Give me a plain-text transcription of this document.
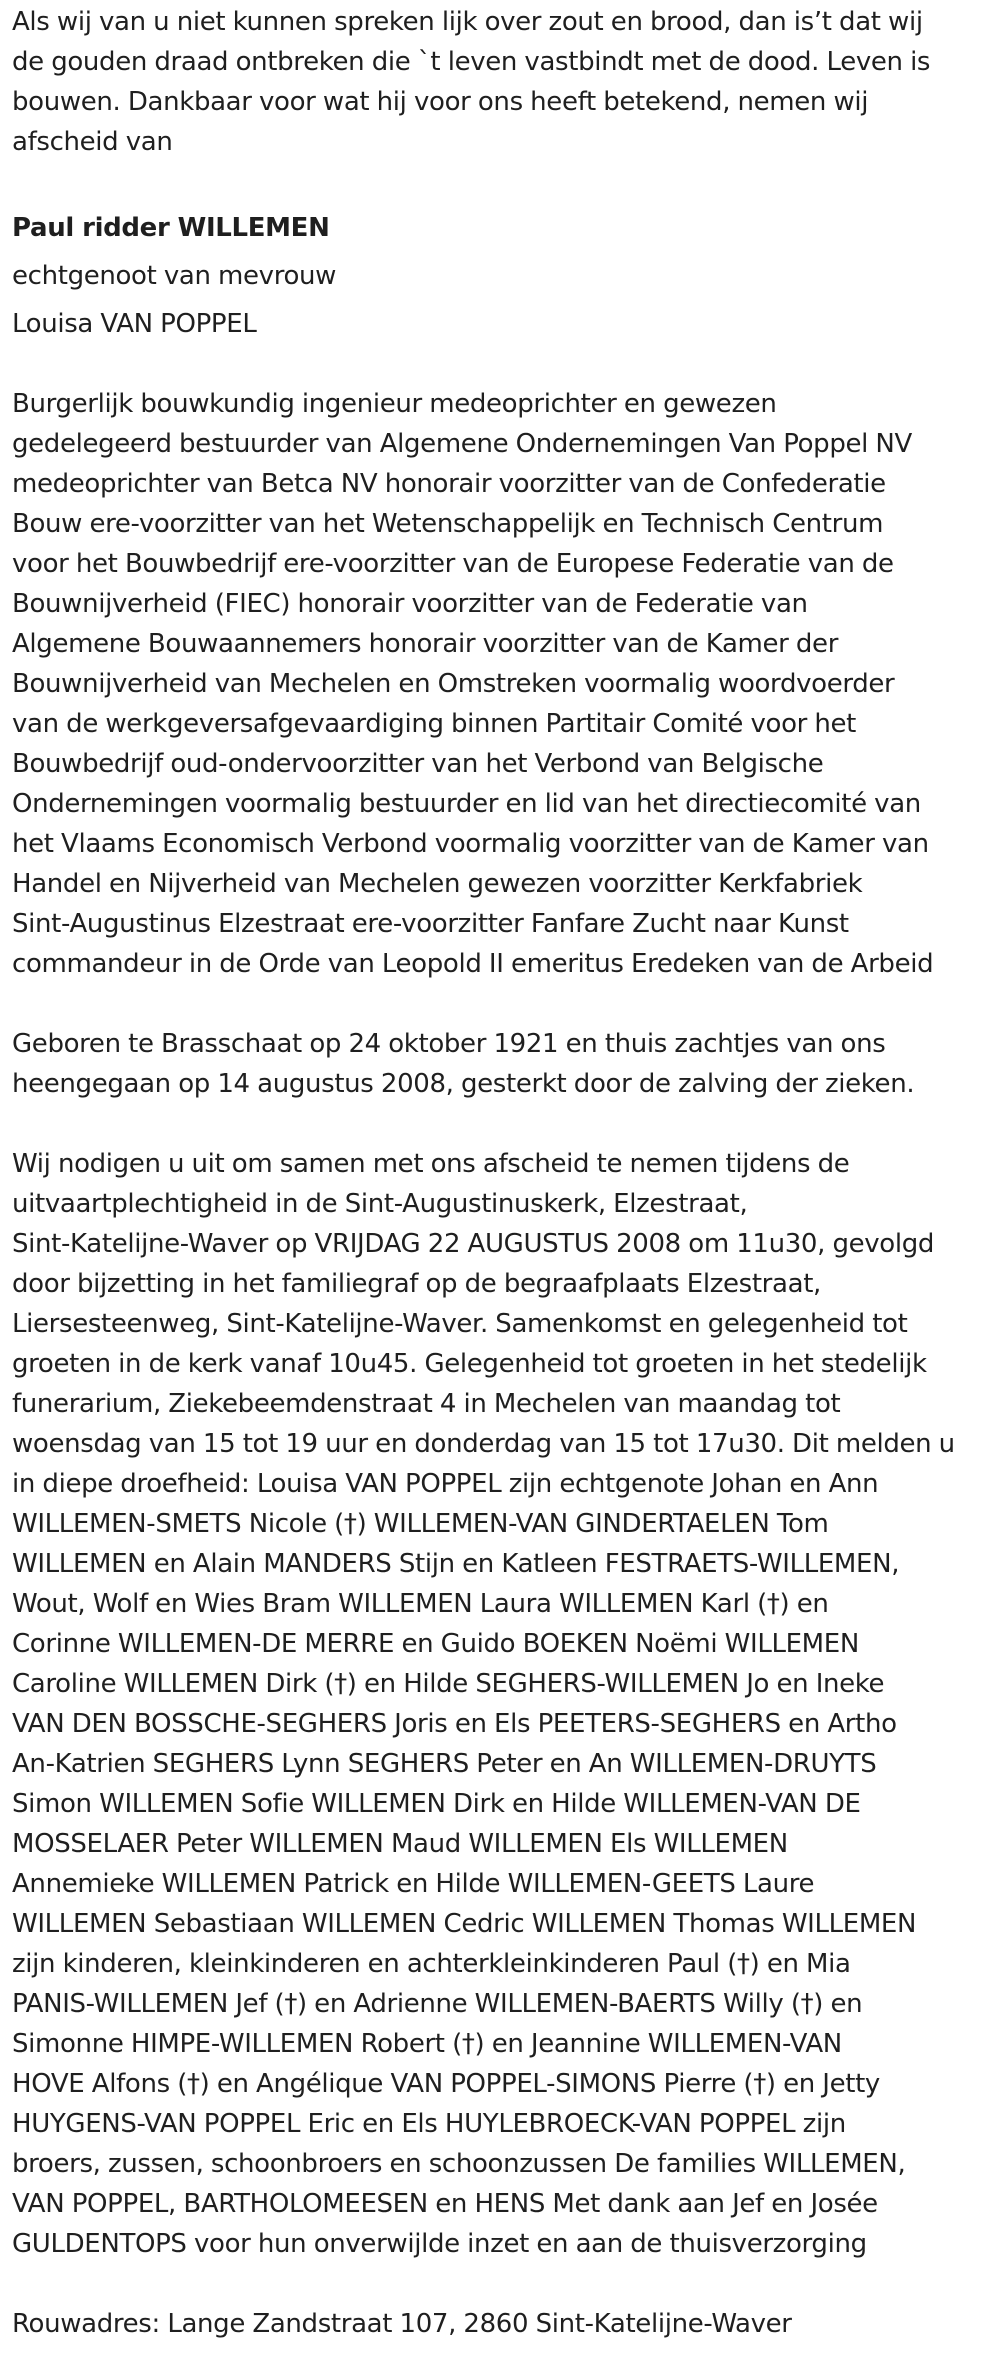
Als wij van u niet kunnen spreken lijk over zout en brood, dan is’t dat wij
de gouden draad ontbreken die `t leven vastbindt met de dood. Leven is
bouwen. Dankbaar voor wat hij voor ons heeft betekend, nemen wij
afscheid van

Paul ridder WILLEMEN

echtgenoot van mevrouw

Louisa VAN POPPEL

Burgerlijk bouwkundig ingenieur medeoprichter en gewezen
gedelegeerd bestuurder van Algemene Ondernemingen Van Poppel NV
medeoprichter van Betca NV honorair voorzitter van de Confederatie
Bouw ere-voorzitter van het Wetenschappelijk en Technisch Centrum
voor het Bouwbedrijf ere-voorzitter van de Europese Federatie van de
Bouwnijverheid (FIEC) honorair voorzitter van de Federatie van
Algemene Bouwaannemers honorair voorzitter van de Kamer der
Bouwnijverheid van Mechelen en Omstreken voormalig woordvoerder
van de werkgeversafgevaardiging binnen Partitair Comité voor het
Bouwbedrijf oud-ondervoorzitter van het Verbond van Belgische
Ondernemingen voormalig bestuurder en lid van het directiecomité van
het Vlaams Economisch Verbond voormalig voorzitter van de Kamer van
Handel en Nijverheid van Mechelen gewezen voorzitter Kerkfabriek
Sint-Augustinus Elzestraat ere-voorzitter Fanfare Zucht naar Kunst
commandeur in de Orde van Leopold II emeritus Eredeken van de Arbeid

Geboren te Brasschaat op 24 oktober 1921 en thuis zachtjes van ons
heengegaan op 14 augustus 2008, gesterkt door de zalving der zieken.

Wij nodigen u uit om samen met ons afscheid te nemen tijdens de
uitvaartplechtigheid in de Sint-Augustinuskerk, Elzestraat,
Sint-Katelijne-Waver op VRIJDAG 22 AUGUSTUS 2008 om 11u30, gevolgd
door bijzetting in het familiegraf op de begraafplaats Elzestraat,
Liersesteenweg, Sint-Katelijne-Waver. Samenkomst en gelegenheid tot
groeten in de kerk vanaf 10u45. Gelegenheid tot groeten in het stedelijk
funerarium, Ziekebeemdenstraat 4 in Mechelen van maandag tot
woensdag van 15 tot 19 uur en donderdag van 15 tot 17u30. Dit melden u
in diepe droefheid: Louisa VAN POPPEL zijn echtgenote Johan en Ann
WILLEMEN-SMETS Nicole (†) WILLEMEN-VAN GINDERTAELEN Tom
WILLEMEN en Alain MANDERS Stijn en Katleen FESTRAETS-WILLEMEN,
Wout, Wolf en Wies Bram WILLEMEN Laura WILLEMEN Karl (†) en
Corinne WILLEMEN-DE MERRE en Guido BOEKEN Noëmi WILLEMEN
Caroline WILLEMEN Dirk (†) en Hilde SEGHERS-WILLEMEN Jo en Ineke
VAN DEN BOSSCHE-SEGHERS Joris en Els PEETERS-SEGHERS en Artho
An-Katrien SEGHERS Lynn SEGHERS Peter en An WILLEMEN-DRUYTS
Simon WILLEMEN Sofie WILLEMEN Dirk en Hilde WILLEMEN-VAN DE
MOSSELAER Peter WILLEMEN Maud WILLEMEN Els WILLEMEN
Annemieke WILLEMEN Patrick en Hilde WILLEMEN-GEETS Laure
WILLEMEN Sebastiaan WILLEMEN Cedric WILLEMEN Thomas WILLEMEN
zijn kinderen, kleinkinderen en achterkleinkinderen Paul (†) en Mia
PANIS-WILLEMEN Jef (†) en Adrienne WILLEMEN-BAERTS Willy (†) en
Simonne HIMPE-WILLEMEN Robert (†) en Jeannine WILLEMEN-VAN
HOVE Alfons (†) en Angélique VAN POPPEL-SIMONS Pierre (†) en Jetty
HUYGENS-VAN POPPEL Eric en Els HUYLEBROECK-VAN POPPEL zijn
broers, zussen, schoonbroers en schoonzussen De families WILLEMEN,
VAN POPPEL, BARTHOLOMEESEN en HENS Met dank aan Jef en Josée
GULDENTOPS voor hun onverwijlde inzet en aan de thuisverzorging

Rouwadres: Lange Zandstraat 107, 2860 Sint-Katelijne-Waver
